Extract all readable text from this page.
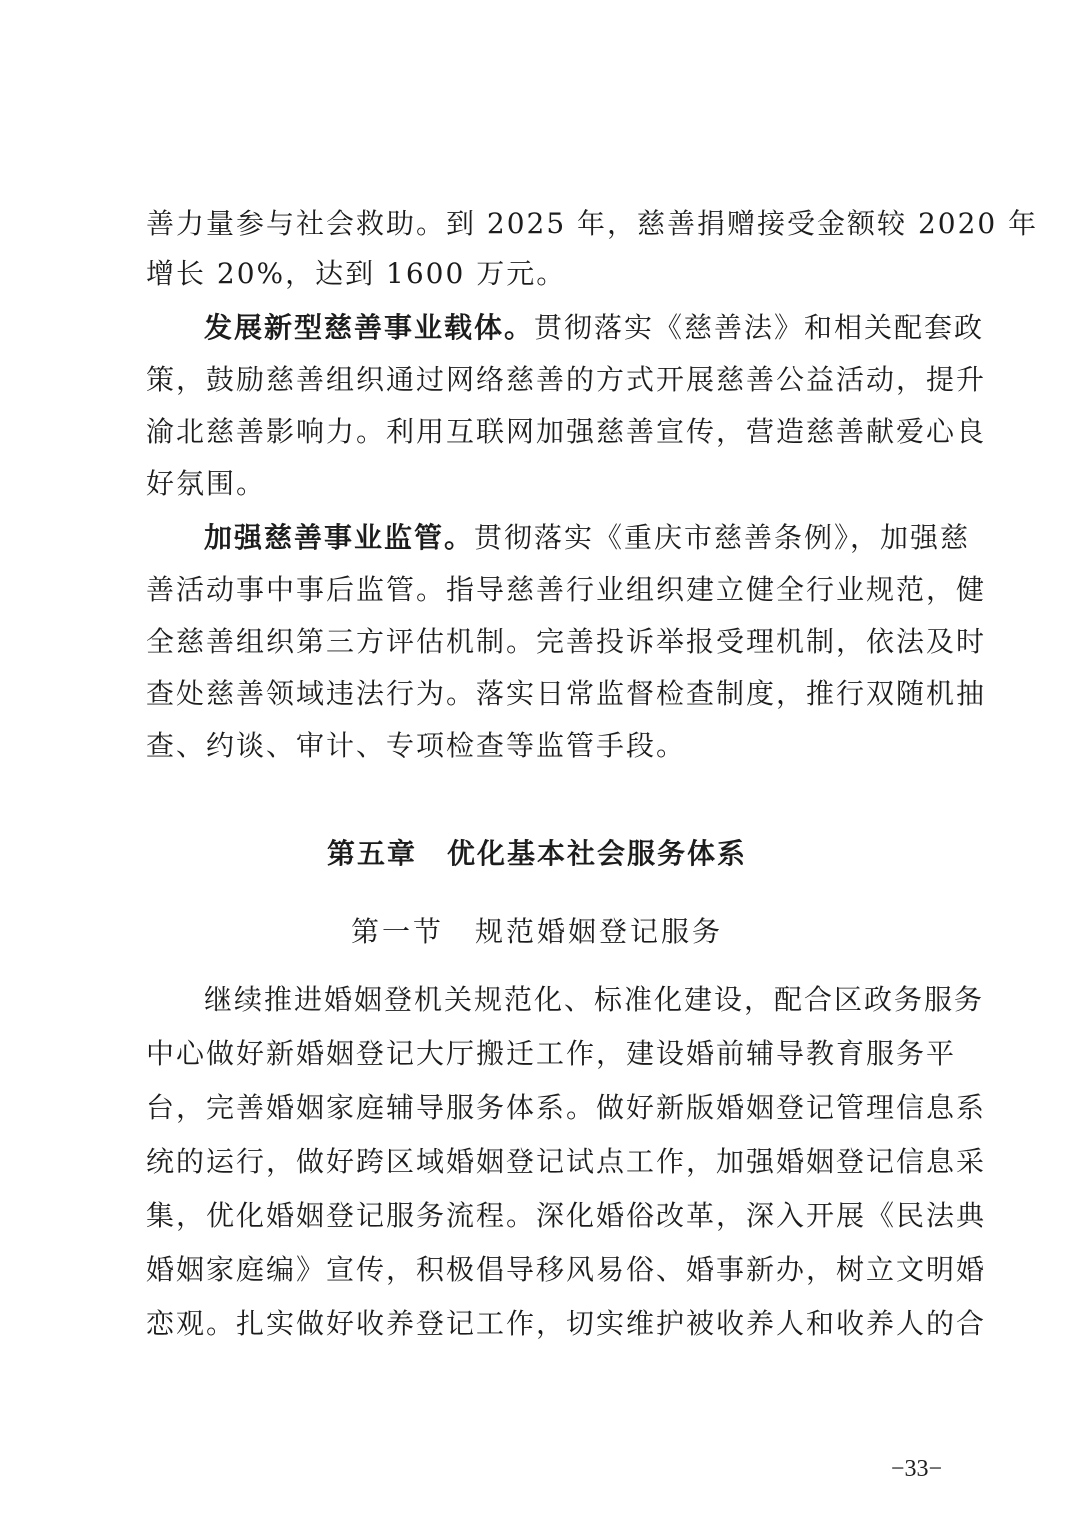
善力量参与社会救助。到 2025 年，慈善捐赠接受金额较 2020 年
增长 20%，达到 1600 万元。
发展新型慈善事业载体。贯彻落实《慈善法》和相关配套政
策，鼓励慈善组织通过网络慈善的方式开展慈善公益活动，提升
渝北慈善影响力。利用互联网加强慈善宣传，营造慈善献爱心良
好氛围。
加强慈善事业监管。贯彻落实《重庆市慈善条例》，加强慈
善活动事中事后监管。指导慈善行业组织建立健全行业规范，健
全慈善组织第三方评估机制。完善投诉举报受理机制，依法及时
查处慈善领域违法行为。落实日常监督检查制度，推行双随机抽
查、约谈、审计、专项检查等监管手段。
第五章　优化基本社会服务体系
第一节　规范婚姻登记服务
继续推进婚姻登机关规范化、标准化建设，配合区政务服务
中心做好新婚姻登记大厅搬迁工作，建设婚前辅导教育服务平
台，完善婚姻家庭辅导服务体系。做好新版婚姻登记管理信息系
统的运行，做好跨区域婚姻登记试点工作，加强婚姻登记信息采
集，优化婚姻登记服务流程。深化婚俗改革，深入开展《民法典
婚姻家庭编》宣传，积极倡导移风易俗、婚事新办，树立文明婚
恋观。扎实做好收养登记工作，切实维护被收养人和收养人的合
−33−
